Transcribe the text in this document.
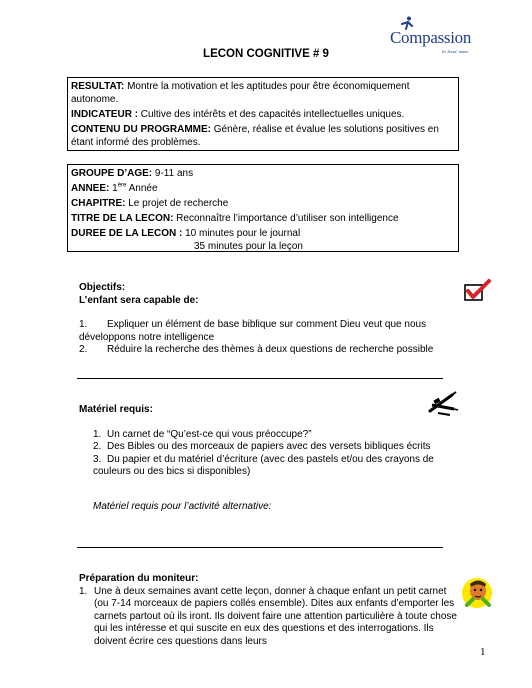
Compassion
In Jesus' name
LECON COGNITIVE # 9

RESULTAT: Montre la motivation et les aptitudes pour être économiquement autonome.

INDICATEUR : Cultive des intérêts et des capacités intellectuelles uniques.

CONTENU DU PROGRAMME: Génère, réalise et évalue les solutions positives en étant informé des problèmes.

GROUPE D’AGE: 9-11 ans

ANNEE: 1ère Année

CHAPITRE: Le projet de recherche

TITRE DE LA LECON: Reconnaître l’importance d’utiliser son intelligence

DUREE DE LA LECON : 10 minutes pour le journal

35 minutes pour la leçon

Objectifs:
L’enfant sera capable de:
1. Expliquer un élément de base biblique sur comment Dieu veut que nous développons notre intelligence
2. Réduire la recherche des thèmes à deux questions de recherche possible
Matériel requis:
1. Un carnet de “Qu’est-ce qui vous préoccupe?”
2. Des Bibles ou des morceaux de papiers avec des versets bibliques écrits
3. Du papier et du matériel d’écriture (avec des pastels et/ou des crayons de couleurs ou des bics si disponibles)
Matériel requis pour l’activité alternative:
Préparation du moniteur:
1. Une à deux semaines avant cette leçon, donner à chaque enfant un petit carnet (ou 7-14 morceaux de papiers collés ensemble). Dites aux enfants d’emporter les carnets partout où ils iront. Ils doivent faire une attention particulière à toute chose qui les intéresse et qui suscite en eux des questions et des interrogations. Ils doivent écrire ces questions dans leurs
1
